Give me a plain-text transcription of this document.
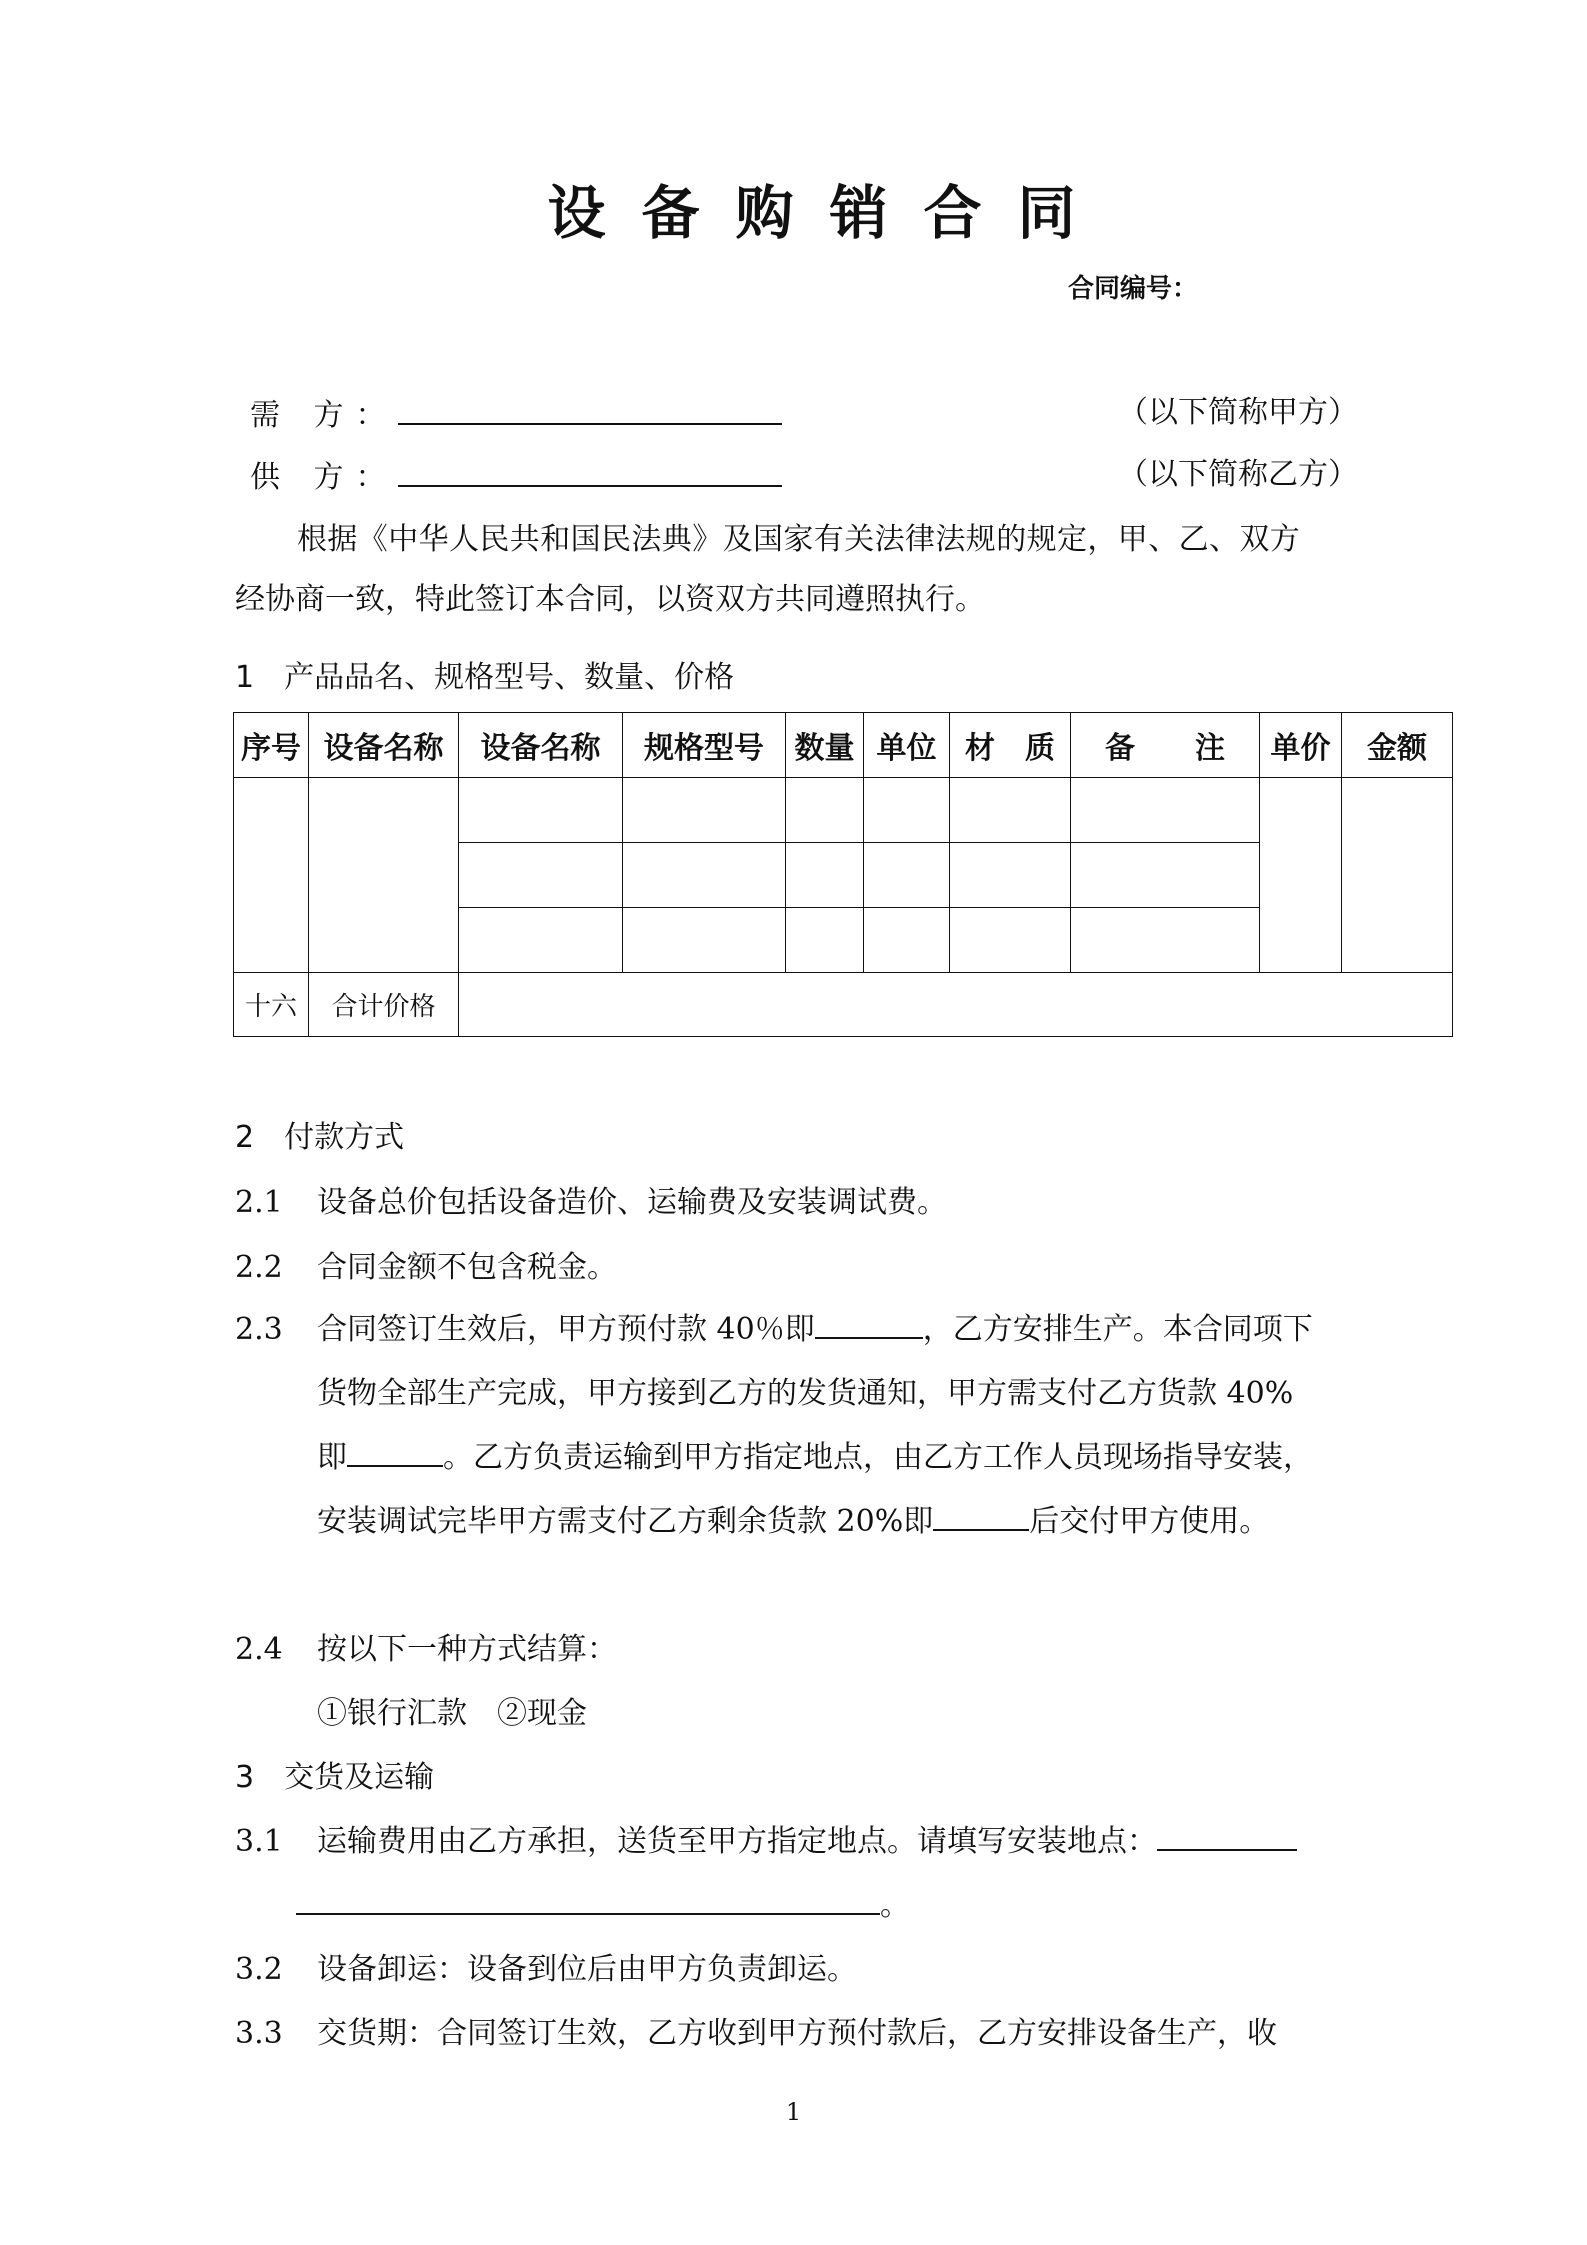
设备购销合同
合同编号：
需 方：	（以下简称甲方）
供 方：	（以下简称乙方）
根据《中华人民共和国民法典》及国家有关法律法规的规定，甲、乙、双方
经协商一致，特此签订本合同，以资双方共同遵照执行。
1 产品品名、规格型号、数量、价格
序号	设备名称	设备名称	规格型号	数量	单位	材　质	备　　注	单价	金额

十六	合计价格								
2 付款方式
2.1 设备总价包括设备造价、运输费及安装调试费。
2.2 合同金额不包含税金。
2.3 合同签订生效后，甲方预付款 40％即	，乙方安排生产。本合同项下
货物全部生产完成，甲方接到乙方的发货通知，甲方需支付乙方货款 40%
即	。乙方负责运输到甲方指定地点，由乙方工作人员现场指导安装，
安装调试完毕甲方需支付乙方剩余货款 20%即	后交付甲方使用。
2.4 按以下一种方式结算：
①银行汇款　②现金
3 交货及运输
3.1 运输费用由乙方承担，送货至甲方指定地点。请填写安装地点：
。
3.2 设备卸运：设备到位后由甲方负责卸运。
3.3 交货期：合同签订生效，乙方收到甲方预付款后，乙方安排设备生产，收
1
